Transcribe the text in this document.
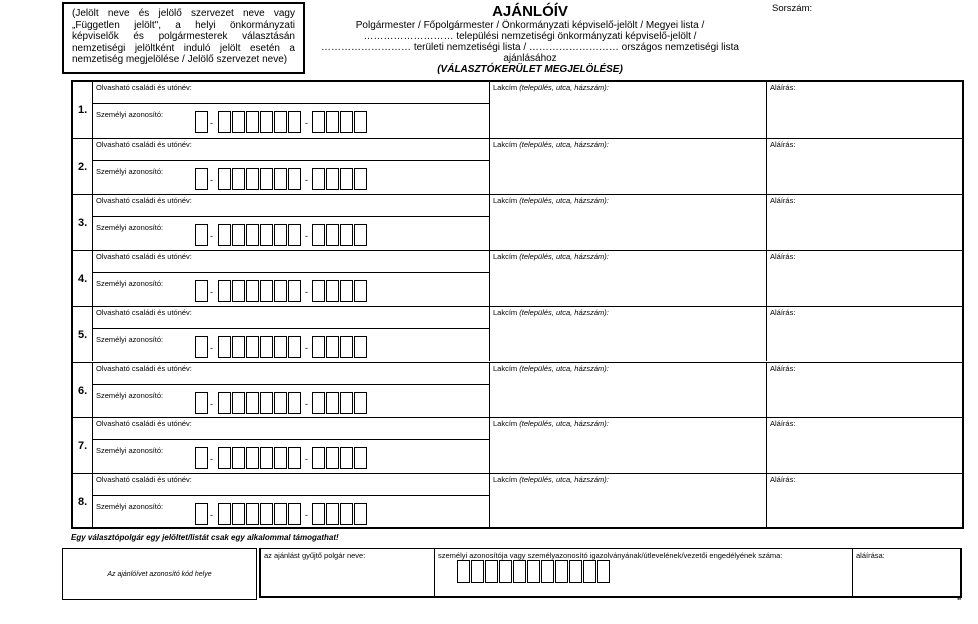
(Jelölt neve és jelölő szervezet neve vagy „Független jelölt", a helyi önkormányzati képviselők és polgármesterek választásán nemzetiségi jelöltként induló jelölt esetén a nemzetiség megjelölése / Jelölő szervezet neve)
AJÁNLÓÍV
Polgármester / Főpolgármester / Önkormányzati képviselő-jelölt / Megyei lista /
……………………… települési nemzetiségi önkormányzati képviselő-jelölt /
……………………… területi nemzetiségi lista / ……………………… országos nemzetiségi lista
ajánlásához
(VÁLASZTÓKERÜLET MEGJELÖLÉSE)
Sorszám:
1.
Olvasható családi és utónév:
Személyi azonosító:
-	-
Lakcím (település, utca, házszám):	Aláírás:
2.
Olvasható családi és utónév:
Személyi azonosító:
-	-
Lakcím (település, utca, házszám):	Aláírás:
3.
Olvasható családi és utónév:
Személyi azonosító:
-	-
Lakcím (település, utca, házszám):	Aláírás:
4.
Olvasható családi és utónév:
Személyi azonosító:
-	-
Lakcím (település, utca, házszám):	Aláírás:
5.
Olvasható családi és utónév:
Személyi azonosító:
-	-
Lakcím (település, utca, házszám):	Aláírás:
6.
Olvasható családi és utónév:
Személyi azonosító:
-	-
Lakcím (település, utca, házszám):	Aláírás:
7.
Olvasható családi és utónév:
Személyi azonosító:
-	-
Lakcím (település, utca, házszám):	Aláírás:
8.
Olvasható családi és utónév:
Személyi azonosító:
-	-
Lakcím (település, utca, házszám):	Aláírás:
Egy választópolgár egy jelöltet/listát csak egy alkalommal támogathat!
Az ajánlóívet azonosító kód helye
az ajánlást gyűjtő polgár neve:	személyi azonosítója vagy személyazonosító igazolványának/útlevelének/vezetői engedélyének száma:	aláírása:
"
